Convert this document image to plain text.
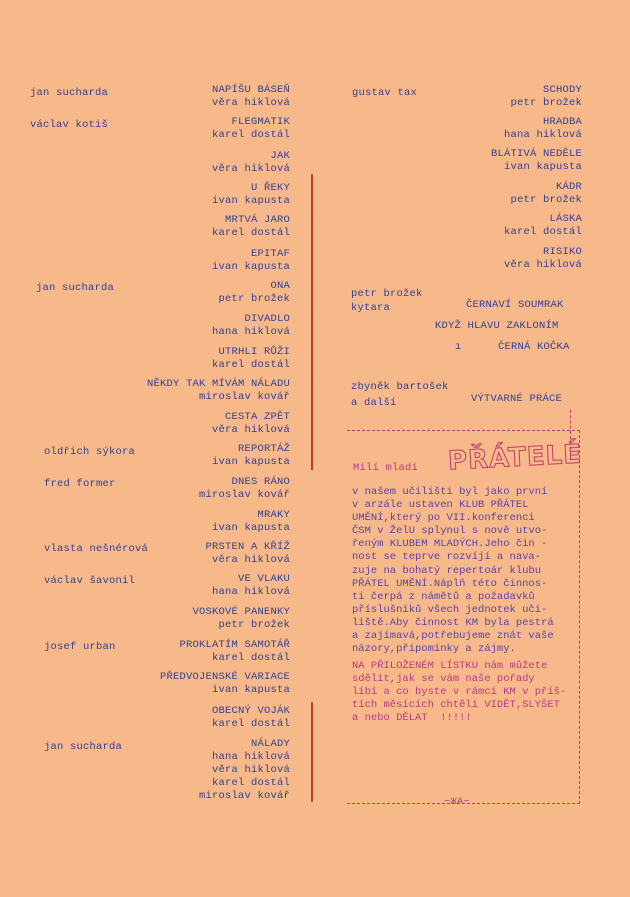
jan sucharda	NAPÍŠU BÁSEŇ
věra hiklová
václav kotiš	FLEGMATIK
karel dostál
JAK
věra hiklová
U ŘEKY
ivan kapusta
MRTVÁ JARO
karel dostál
EPITAF
ivan kapusta
jan sucharda	ONA
petr brožek
DIVADLO
hana hiklová
UTRHLI RŮŽI
karel dostál
NĚKDY TAK MÍVÁM NÁLADU
miroslav kovář
CESTA ZPĚT
věra hiklová
oldřich sýkora	REPORTÁŽ
ivan kapusta
fred former	DNES RÁNO
miroslav kovář
MRAKY
ivan kapusta
vlasta nešnérová	PRSTEN A KŘÍŽ
věra hiklová
václav šavonil	VE VLAKU
hana hiklová
VOSKOVÉ PANENKY
petr brožek
josef urban	PROKLATÍM SAMOTÁŘ
karel dostál
PŘEDVOJENSKÉ VARIACE
ivan kapusta
OBECNÝ VOJÁK
karel dostál
jan sucharda	NÁLADY
hana hiklová
věra hiklová
karel dostál
miroslav kovář
gustav tax	SCHODY
petr brožek
HRADBA
hana hiklová
BLÁTIVÁ NEDĚLE
ivan kapusta
KÁDR
petr brožek
LÁSKA
karel dostál
RISIKO
věra hiklová
petr brožek
kytara	ČERNAVÍ SOUMRAK
KDYŽ HLAVU ZAKLONÍM
ı	ČERNÁ KOČKA
zbyněk bartošek
a další	VÝTVARNÉ PRÁCE
Milí mladí PŘÁTELÉ
v našem učilišti byl jako první
v arzále ustaven KLUB PŘÁTEL
UMĚNÍ,který po VII.konferenci
ČSM v ŽelU splynul s nově utvo-
řeným KLUBEM MLADÝCH.Jeho čin -
nost se teprve rozvíjí a nava-
zuje na bohatý repertoár klubu
PŘÁTEL UMĚNÍ.Náplň této činnos-
ti čerpá z námětů a požadavků
příslušníků všech jednotek uči-
liště.Aby činnost KM byla pestrá
a zajímavá,potřebujeme znát vaše
názory,připomínky a zájmy.
NA PŘILOŽENÉM LÍSTKU nám můžete
sdělit,jak se vám naše pořady
líbí a co byste v rámci KM v příš-
tích měsících chtěli VIDĚT,SLYŠET
a nebo DĚLAT  !!!!!
~ЖА~
